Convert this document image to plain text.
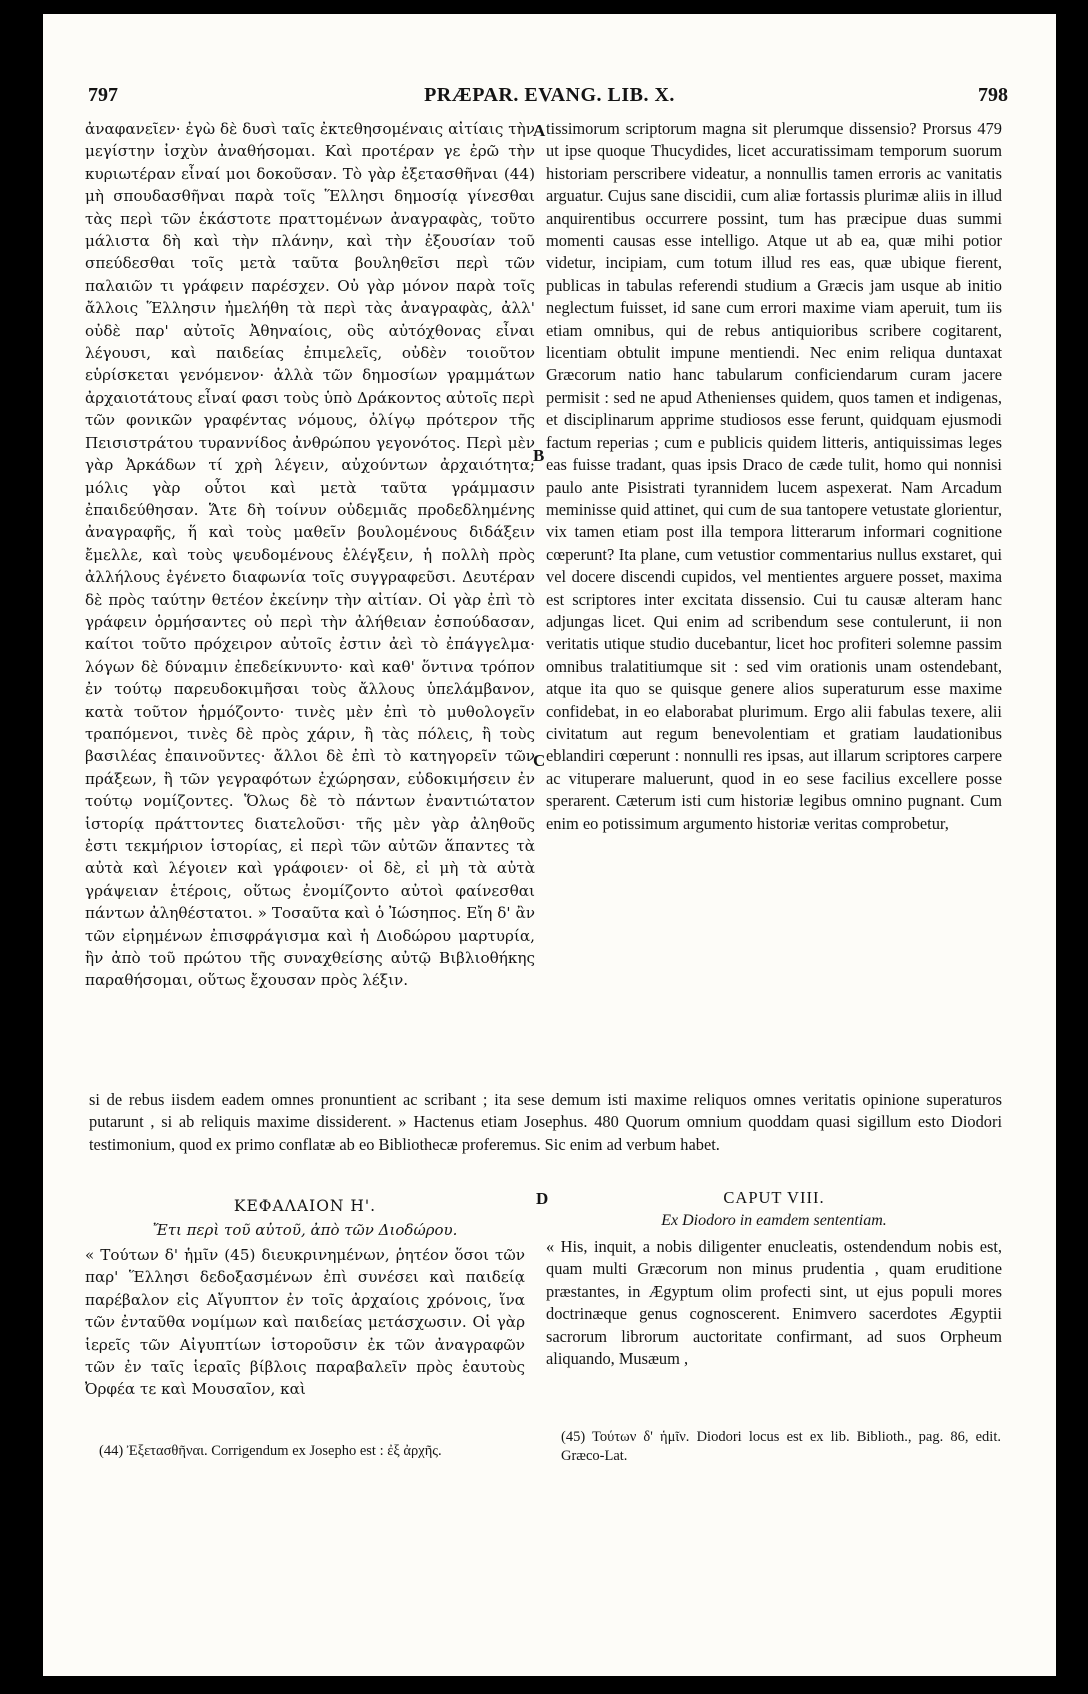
797	PRÆPAR. EVANG. LIB. X.	798
A
B
C
D

ἀναφανεῖεν· ἐγὼ δὲ δυσὶ ταῖς ἐκτεθησομέναις αἰτίαις τὴν μεγίστην ἰσχὺν ἀναθήσομαι. Καὶ προτέραν γε ἐρῶ τὴν κυριωτέραν εἶναί μοι δοκοῦσαν. Τὸ γὰρ ἐξετασθῆναι (44) μὴ σπουδασθῆναι παρὰ τοῖς Ἕλλησι δημοσίᾳ γίνεσθαι τὰς περὶ τῶν ἑκάστοτε πραττομένων ἀναγραφὰς, τοῦτο μάλιστα δὴ καὶ τὴν πλάνην, καὶ τὴν ἐξουσίαν τοῦ σπεύδεσθαι τοῖς μετὰ ταῦτα βουληθεῖσι περὶ τῶν παλαιῶν τι γράφειν παρέσχεν. Οὐ γὰρ μόνον παρὰ τοῖς ἄλλοις Ἕλλησιν ἠμελήθη τὰ περὶ τὰς ἀναγραφὰς, ἀλλ' οὐδὲ παρ' αὐτοῖς Ἀθηναίοις, οὓς αὐτόχθονας εἶναι λέγουσι, καὶ παιδείας ἐπιμελεῖς, οὐδὲν τοιοῦτον εὑρίσκεται γενόμενον· ἀλλὰ τῶν δημοσίων γραμμάτων ἀρχαιοτάτους εἶναί φασι τοὺς ὑπὸ Δράκοντος αὐτοῖς περὶ τῶν φονικῶν γραφέντας νόμους, ὀλίγῳ πρότερον τῆς Πεισιστράτου τυραννίδος ἀνθρώπου γεγονότος. Περὶ μὲν γὰρ Ἀρκάδων τί χρὴ λέγειν, αὐχούντων ἀρχαιότητα; μόλις γὰρ οὗτοι καὶ μετὰ ταῦτα γράμμασιν ἐπαιδεύθησαν. Ἅτε δὴ τοίνυν οὐδεμιᾶς προδεδλημένης ἀναγραφῆς, ἥ καὶ τοὺς μαθεῖν βουλομένους διδάξειν ἔμελλε, καὶ τοὺς ψευδομένους ἐλέγξειν, ἡ πολλὴ πρὸς ἀλλήλους ἐγένετο διαφωνία τοῖς συγγραφεῦσι. Δευτέραν δὲ πρὸς ταύτην θετέον ἐκείνην τὴν αἰτίαν. Οἱ γὰρ ἐπὶ τὸ γράφειν ὁρμήσαντες οὐ περὶ τὴν ἀλήθειαν ἐσπούδασαν, καίτοι τοῦτο πρόχειρον αὐτοῖς ἐστιν ἀεὶ τὸ ἐπάγγελμα· λόγων δὲ δύναμιν ἐπεδείκνυντο· καὶ καθ' ὅντινα τρόπον ἐν τούτῳ παρευδοκιμῆσαι τοὺς ἄλλους ὑπελάμβανον, κατὰ τοῦτον ἡρμόζοντο· τινὲς μὲν ἐπὶ τὸ μυθολογεῖν τραπόμενοι, τινὲς δὲ πρὸς χάριν, ἢ τὰς πόλεις, ἢ τοὺς βασιλέας ἐπαινοῦντες· ἄλλοι δὲ ἐπὶ τὸ κατηγορεῖν τῶν πράξεων, ἢ τῶν γεγραφότων ἐχώρησαν, εὐδοκιμήσειν ἐν τούτῳ νομίζοντες. Ὅλως δὲ τὸ πάντων ἐναντιώτατον ἱστορίᾳ πράττοντες διατελοῦσι· τῆς μὲν γὰρ ἀληθοῦς ἐστι τεκμήριον ἱστορίας, εἰ περὶ τῶν αὐτῶν ἅπαντες τὰ αὐτὰ καὶ λέγοιεν καὶ γράφοιεν· οἱ δὲ, εἰ μὴ τὰ αὐτὰ γράψειαν ἑτέροις, οὕτως ἐνομίζοντο αὐτοὶ φαίνεσθαι πάντων ἀληθέστατοι. » Τοσαῦτα καὶ ὁ Ἰώσηπος. Εἴη δ' ἂν τῶν εἰρημένων ἐπισφράγισμα καὶ ἡ Διοδώρου μαρτυρία, ἣν ἀπὸ τοῦ πρώτου τῆς συναχθείσης αὐτῷ Βιβλιοθήκης παραθήσομαι, οὕτως ἔχουσαν πρὸς λέξιν.

tissimorum scriptorum magna sit plerumque dissensio? Prorsus 479 ut ipse quoque Thucydides, licet accuratissimam temporum suorum historiam perscribere videatur, a nonnullis tamen erroris ac vanitatis arguatur. Cujus sane discidii, cum aliæ fortassis plurimæ aliis in illud anquirentibus occurrere possint, tum has præcipue duas summi momenti causas esse intelligo. Atque ut ab ea, quæ mihi potior videtur, incipiam, cum totum illud res eas, quæ ubique fierent, publicas in tabulas referendi studium a Græcis jam usque ab initio neglectum fuisset, id sane cum errori maxime viam aperuit, tum iis etiam omnibus, qui de rebus antiquioribus scribere cogitarent, licentiam obtulit impune mentiendi. Nec enim reliqua duntaxat Græcorum natio hanc tabularum conficiendarum curam jacere permisit : sed ne apud Athenienses quidem, quos tamen et indigenas, et disciplinarum apprime studiosos esse ferunt, quidquam ejusmodi factum reperias ; cum e publicis quidem litteris, antiquissimas leges eas fuisse tradant, quas ipsis Draco de cæde tulit, homo qui nonnisi paulo ante Pisistrati tyrannidem lucem aspexerat. Nam Arcadum meminisse quid attinet, qui cum de sua tantopere vetustate glorientur, vix tamen etiam post illa tempora litterarum informari cognitione cœperunt? Ita plane, cum vetustior commentarius nullus exstaret, qui vel docere discendi cupidos, vel mentientes arguere posset, maxima est scriptores inter excitata dissensio. Cui tu causæ alteram hanc adjungas licet. Qui enim ad scribendum sese contulerunt, ii non veritatis utique studio ducebantur, licet hoc profiteri solemne passim omnibus tralatitiumque sit : sed vim orationis unam ostendebant, atque ita quo se quisque genere alios superaturum esse maxime confidebat, in eo elaborabat plurimum. Ergo alii fabulas texere, alii civitatum aut regum benevolentiam et gratiam laudationibus eblandiri cœperunt : nonnulli res ipsas, aut illarum scriptores carpere ac vituperare maluerunt, quod in eo sese facilius excellere posse sperarent. Cæterum isti cum historiæ legibus omnino pugnant. Cum enim eo potissimum argumento historiæ veritas comprobetur,

si de rebus iisdem eadem omnes pronuntient ac scribant ; ita sese demum isti maxime reliquos omnes veritatis opinione superaturos putarunt , si ab reliquis maxime dissiderent. » Hactenus etiam Josephus. 480 Quorum omnium quoddam quasi sigillum esto Diodori testimonium, quod ex primo conflatæ ab eo Bibliothecæ proferemus. Sic enim ad verbum habet.

ΚΕΦΑΛΑΙΟΝ Η'.	CAPUT VIII.
Ἔτι περὶ τοῦ αὐτοῦ, ἀπὸ τῶν Διοδώρου.
Ex Diodoro in eamdem sententiam.

« Τούτων δ' ἡμῖν (45) διευκρινημένων, ῥητέον ὅσοι τῶν παρ' Ἕλλησι δεδοξασμένων ἐπὶ συνέσει καὶ παιδείᾳ παρέβαλον εἰς Αἴγυπτον ἐν τοῖς ἀρχαίοις χρόνοις, ἵνα τῶν ἐνταῦθα νομίμων καὶ παιδείας μετάσχωσιν. Οἱ γὰρ ἱερεῖς τῶν Αἰγυπτίων ἱστοροῦσιν ἐκ τῶν ἀναγραφῶν τῶν ἐν ταῖς ἱεραῖς βίβλοις παραβαλεῖν πρὸς ἑαυτοὺς Ὀρφέα τε καὶ Μουσαῖον, καὶ

« His, inquit, a nobis diligenter enucleatis, ostendendum nobis est, quam multi Græcorum non minus prudentia , quam eruditione præstantes, in Ægyptum olim profecti sint, ut ejus populi mores doctrinæque genus cognoscerent. Enimvero sacerdotes Ægyptii sacrorum librorum auctoritate confirmant, ad suos Orpheum aliquando, Musæum ,

(44) Ἐξετασθῆναι. Corrigendum ex Josepho est : ἐξ ἀρχῆς.
(45) Τούτων δ' ἡμῖν. Diodori locus est ex lib. Biblioth., pag. 86, edit. Græco-Lat.
